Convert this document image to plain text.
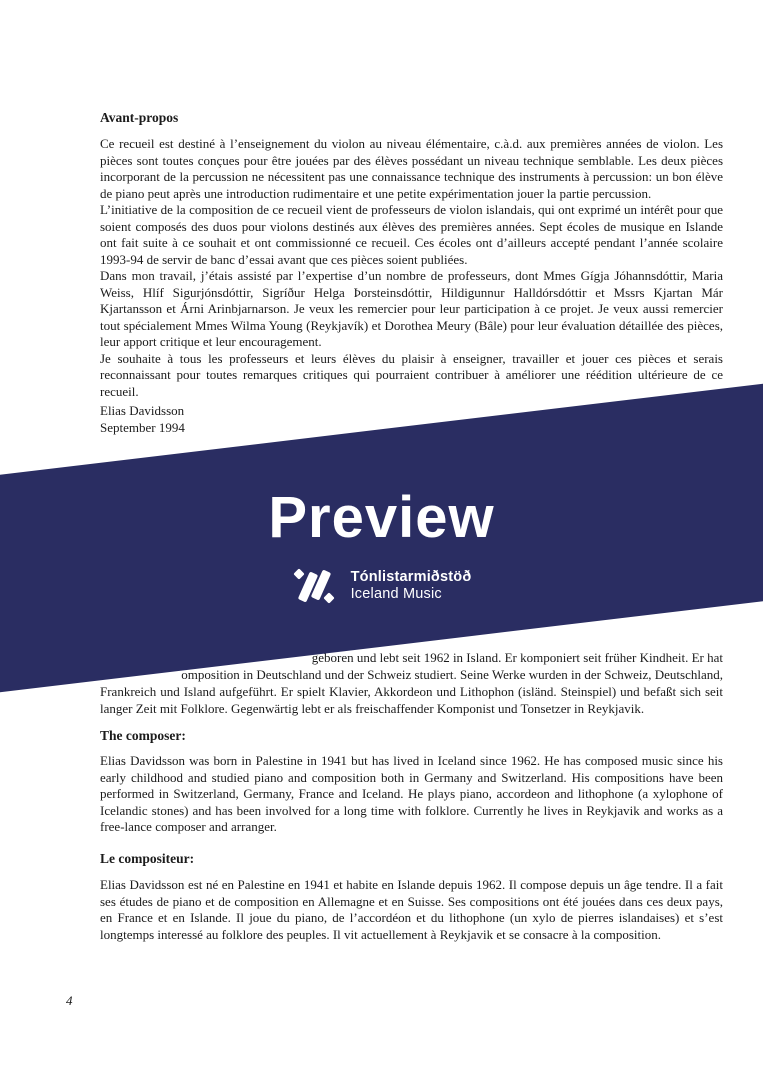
Avant-propos

Ce recueil est destiné à l’enseignement du violon au niveau élémentaire, c.à.d. aux premières années de violon. Les pièces sont toutes conçues pour être jouées par des élèves possédant un niveau technique semblable. Les deux pièces incorporant de la percussion ne nécessitent pas une connaissance technique des instruments à percussion: un bon élève de piano peut après une introduction rudimentaire et une petite expérimentation jouer la partie percussion.

L’initiative de la composition de ce recueil vient de professeurs de violon islandais, qui ont exprimé un intérêt pour que soient composés des duos pour violons destinés aux élèves des premières années. Sept écoles de musique en Islande ont fait suite à ce souhait et ont commissionné ce recueil. Ces écoles ont d’ailleurs accepté pendant l’année scolaire 1993-94 de servir de banc d’essai avant que ces pièces soient publiées.

Dans mon travail, j’étais assisté par l’expertise d’un nombre de professeurs, dont Mmes Gígja Jóhannsdóttir, Maria Weiss, Hlíf Sigurjónsdóttir, Sigríður Helga Þorsteinsdóttir, Hildigunnur Halldórsdóttir et Mssrs Kjartan Már Kjartansson et Árni Arinbjarnarson. Je veux les remercier pour leur participation à ce projet. Je veux aussi remercier tout spécialement Mmes Wilma Young (Reykjavík) et Dorothea Meury (Bâle) pour leur évaluation détaillée des pièces, leur apport critique et leur encouragement.

Je souhaite à tous les professeurs et leurs élèves du plaisir à enseigner, travailler et jouer ces pièces et serais reconnaissant pour toutes remarques critiques qui pourraient contribuer à améliorer une réédition ultérieure de ce recueil.

Elias Davidsson
September 1994
geboren und lebt seit 1962 in Island. Er komponiert seit früher Kindheit. Er hat
omposition in Deutschland und der Schweiz studiert. Seine Werke wurden in der Schweiz, Deutschland,
Frankreich und Island aufgeführt. Er spielt Klavier, Akkordeon und Lithophon (isländ. Steinspiel) und befaßt sich seit
langer Zeit mit Folklore. Gegenwärtig lebt er als freischaffender Komponist und Tonsetzer in Reykjavik.
Preview
Tónlistarmiðstöð
Iceland Music
The composer:
Elias Davidsson was born in Palestine in 1941 but has lived in Iceland since 1962. He has composed music since his early childhood and studied piano and composition both in Germany and Switzerland. His compositions have been performed in Switzerland, Germany, France and Iceland. He plays piano, accordeon and lithophone (a xylophone of Icelandic stones) and has been involved for a long time with folklore. Currently he lives in Reykjavik and works as a free-lance composer and arranger.
Le compositeur:
Elias Davidsson est né en Palestine en 1941 et habite en Islande depuis 1962. Il compose depuis un âge tendre. Il a fait ses études de piano et de composition en Allemagne et en Suisse. Ses compositions ont été jouées dans ces deux pays, en France et en Islande. Il joue du piano, de l’accordéon et du lithophone (un xylo de pierres islandaises) et s’est longtemps interessé au folklore des peuples. Il vit actuellement à Reykjavik et se consacre à la composition.
4
